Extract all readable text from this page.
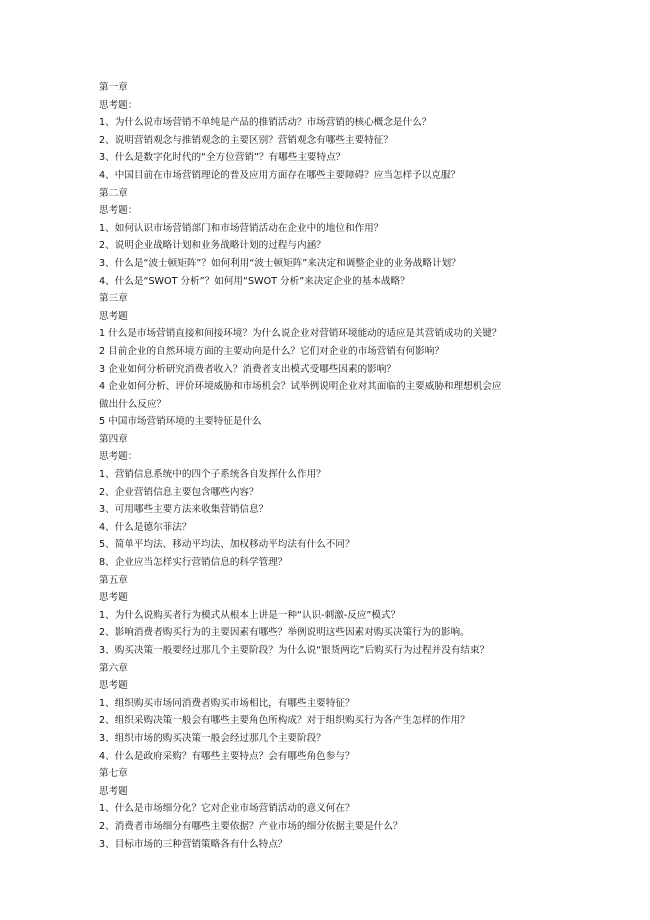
第一章
思考题：
1、为什么说市场营销不单纯是产品的推销活动？市场营销的核心概念是什么？
2、说明营销观念与推销观念的主要区别？营销观念有哪些主要特征？
3、什么是数字化时代的“全方位营销”？有哪些主要特点？
4、中国目前在市场营销理论的普及应用方面存在哪些主要障碍？应当怎样予以克服？
第二章
思考题：
1、如何认识市场营销部门和市场营销活动在企业中的地位和作用？
2、说明企业战略计划和业务战略计划的过程与内涵？
3、什么是“波士顿矩阵”？如何利用“波士顿矩阵”来决定和调整企业的业务战略计划？
4、什么是“SWOT 分析”？如何用“SWOT 分析”来决定企业的基本战略？
第三章
思考题
1 什么是市场营销直接和间接环境？为什么说企业对营销环境能动的适应是其营销成功的关键？
2 目前企业的自然环境方面的主要动向是什么？它们对企业的市场营销有何影响？
3 企业如何分析研究消费者收入？消费者支出模式受哪些因素的影响？
4 企业如何分析、评价环境威胁和市场机会？试举例说明企业对其面临的主要威胁和理想机会应
做出什么反应？
5 中国市场营销环境的主要特征是什么
第四章
思考题：
1、营销信息系统中的四个子系统各自发挥什么作用？
2、企业营销信息主要包含哪些内容？
3、可用哪些主要方法来收集营销信息？
4、什么是德尔菲法？
5、简单平均法、移动平均法、加权移动平均法有什么不同？
8、企业应当怎样实行营销信息的科学管理？
第五章
思考题
1、为什么说购买者行为模式从根本上讲是一种“认识-刺激-反应”模式？
2、影响消费者购买行为的主要因素有哪些？举例说明这些因素对购买决策行为的影响。
3、购买决策一般要经过那几个主要阶段？为什么说“银货两讫”后购买行为过程并没有结束？
第六章
思考题
1、组织购买市场同消费者购买市场相比，有哪些主要特征？
2、组织采购决策一般会有哪些主要角色所构成？对于组织购买行为各产生怎样的作用？
3、组织市场的购买决策一般会经过那几个主要阶段？
4、什么是政府采购？有哪些主要特点？会有哪些角色参与？
第七章
思考题
1、什么是市场细分化？它对企业市场营销活动的意义何在？
2、消费者市场细分有哪些主要依据？产业市场的细分依据主要是什么？
3、目标市场的三种营销策略各有什么特点？
